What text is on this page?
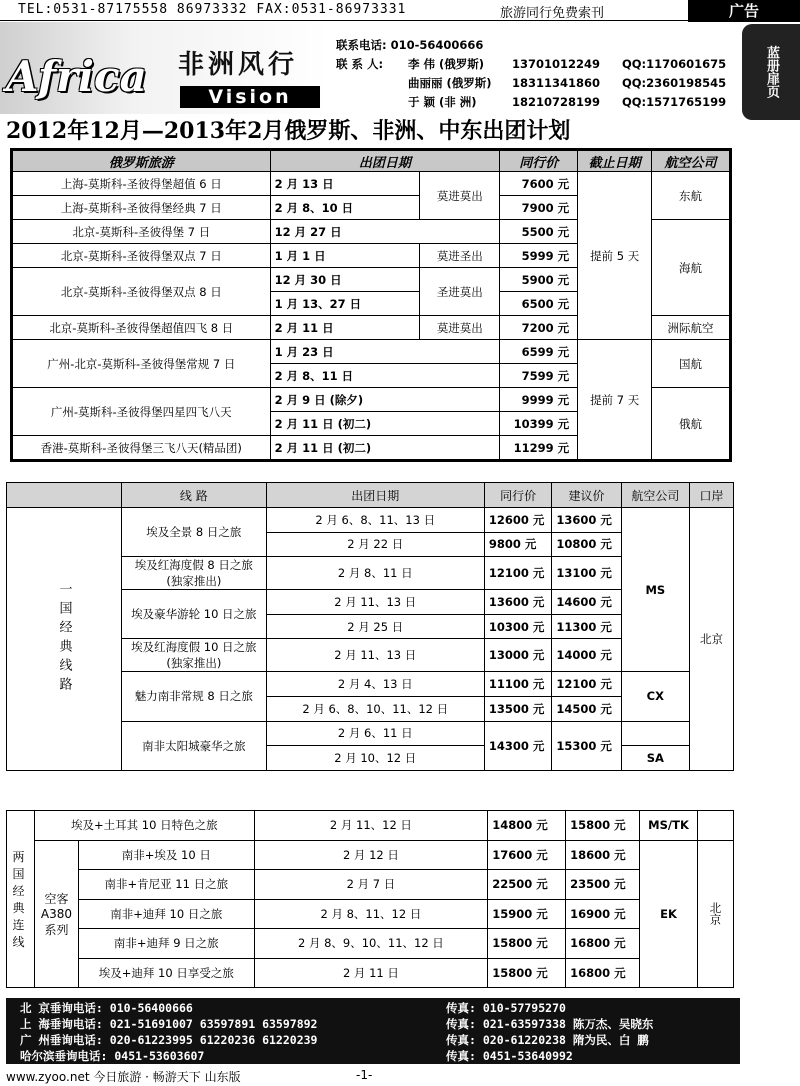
TEL:0531-87175558 86973332 FAX:0531-86973331	旅游同行免费索刊	广告
蓝册扉页
Africa 非洲风行
Vision
联系电话: 010-56400666
联 系 人: 李 伟 (俄罗斯) 13701012249 QQ:1170601675
曲丽丽 (俄罗斯) 18311341860 QQ:2360198545
于 颖 (非 洲)	18210728199 QQ:1571765199
2012年12月—2013年2月俄罗斯、非洲、中东出团计划
俄罗斯旅游	出团日期		同行价	截止日期	航空公司
上海-莫斯科-圣彼得堡超值 6 日	2 月 13 日	莫进莫出	7600 元	提前 5 天	东航
上海-莫斯科-圣彼得堡经典 7 日	2 月 8、10 日		7900 元		
北京-莫斯科-圣彼得堡 7 日	12 月 27 日		5500 元		海航
北京-莫斯科-圣彼得堡双点 7 日	1 月 1 日	莫进圣出	5999 元		
北京-莫斯科-圣彼得堡双点 8 日	12 月 30 日	圣进莫出	5900 元		
	1 月 13、27 日		6500 元		
北京-莫斯科-圣彼得堡超值四飞 8 日	2 月 11 日	莫进莫出	7200 元		洲际航空
广州-北京-莫斯科-圣彼得堡常规 7 日	1 月 23 日		6599 元	提前 7 天	国航
	2 月 8、11 日		7599 元		
广州-莫斯科-圣彼得堡四星四飞八天	2 月 9 日 (除夕)		9999 元		俄航
	2 月 11 日 (初二)		10399 元		
香港-莫斯科-圣彼得堡三飞八天(精品团)	2 月 11 日 (初二)		11299 元		
	线 路	出团日期	同行价	建议价	航空公司	口岸
一国经典线路	埃及全景 8 日之旅	2 月 6、8、11、13 日	12600 元	13600 元	MS	北京
		2 月 22 日	9800 元	10800 元		

	埃及红海度假 8 日之旅
(独家推出)	2 月 8、11 日	12100 元	13100 元		

	埃及豪华游轮 10 日之旅	2 月 11、13 日	13600 元	14600 元		
		2 月 25 日	10300 元	11300 元		

	埃及红海度假 10 日之旅
(独家推出)	2 月 11、13 日	13000 元	14000 元		

	魅力南非常规 8 日之旅	2 月 4、13 日	11100 元	12100 元	CX	
		2 月 6、8、10、11、12 日	13500 元	14500 元		
	南非太阳城豪华之旅	2 月 6、11 日	14300 元	15300 元		
		2 月 10、12 日			SA	
两国经典连线	埃及+土耳其 10 日特色之旅		2 月 11、12 日	14800 元	15800 元	MS/TK	
	空客A380系列	南非+埃及 10 日	2 月 12 日	17600 元	18600 元	EK	北京
		南非+肯尼亚 11 日之旅	2 月 7 日	22500 元	23500 元		
		南非+迪拜 10 日之旅	2 月 8、11、12 日	15900 元	16900 元		
		南非+迪拜 9 日之旅	2 月 8、9、10、11、12 日	15800 元	16800 元		
		埃及+迪拜 10 日享受之旅	2 月 11 日	15800 元	16800 元		
北 京垂询电话: 010-56400666	传真: 010-57795270
上 海垂询电话: 021-51691007 63597891 63597892	传真: 021-63597338 陈万杰、吴晓东
广 州垂询电话: 020-61223995 61220236 61220239	传真: 020-61220238 隋为民、白 鹏
哈尔滨垂询电话: 0451-53603607	传真: 0451-53640992
www.zyoo.net 今日旅游 · 畅游天下 山东版	-1-
